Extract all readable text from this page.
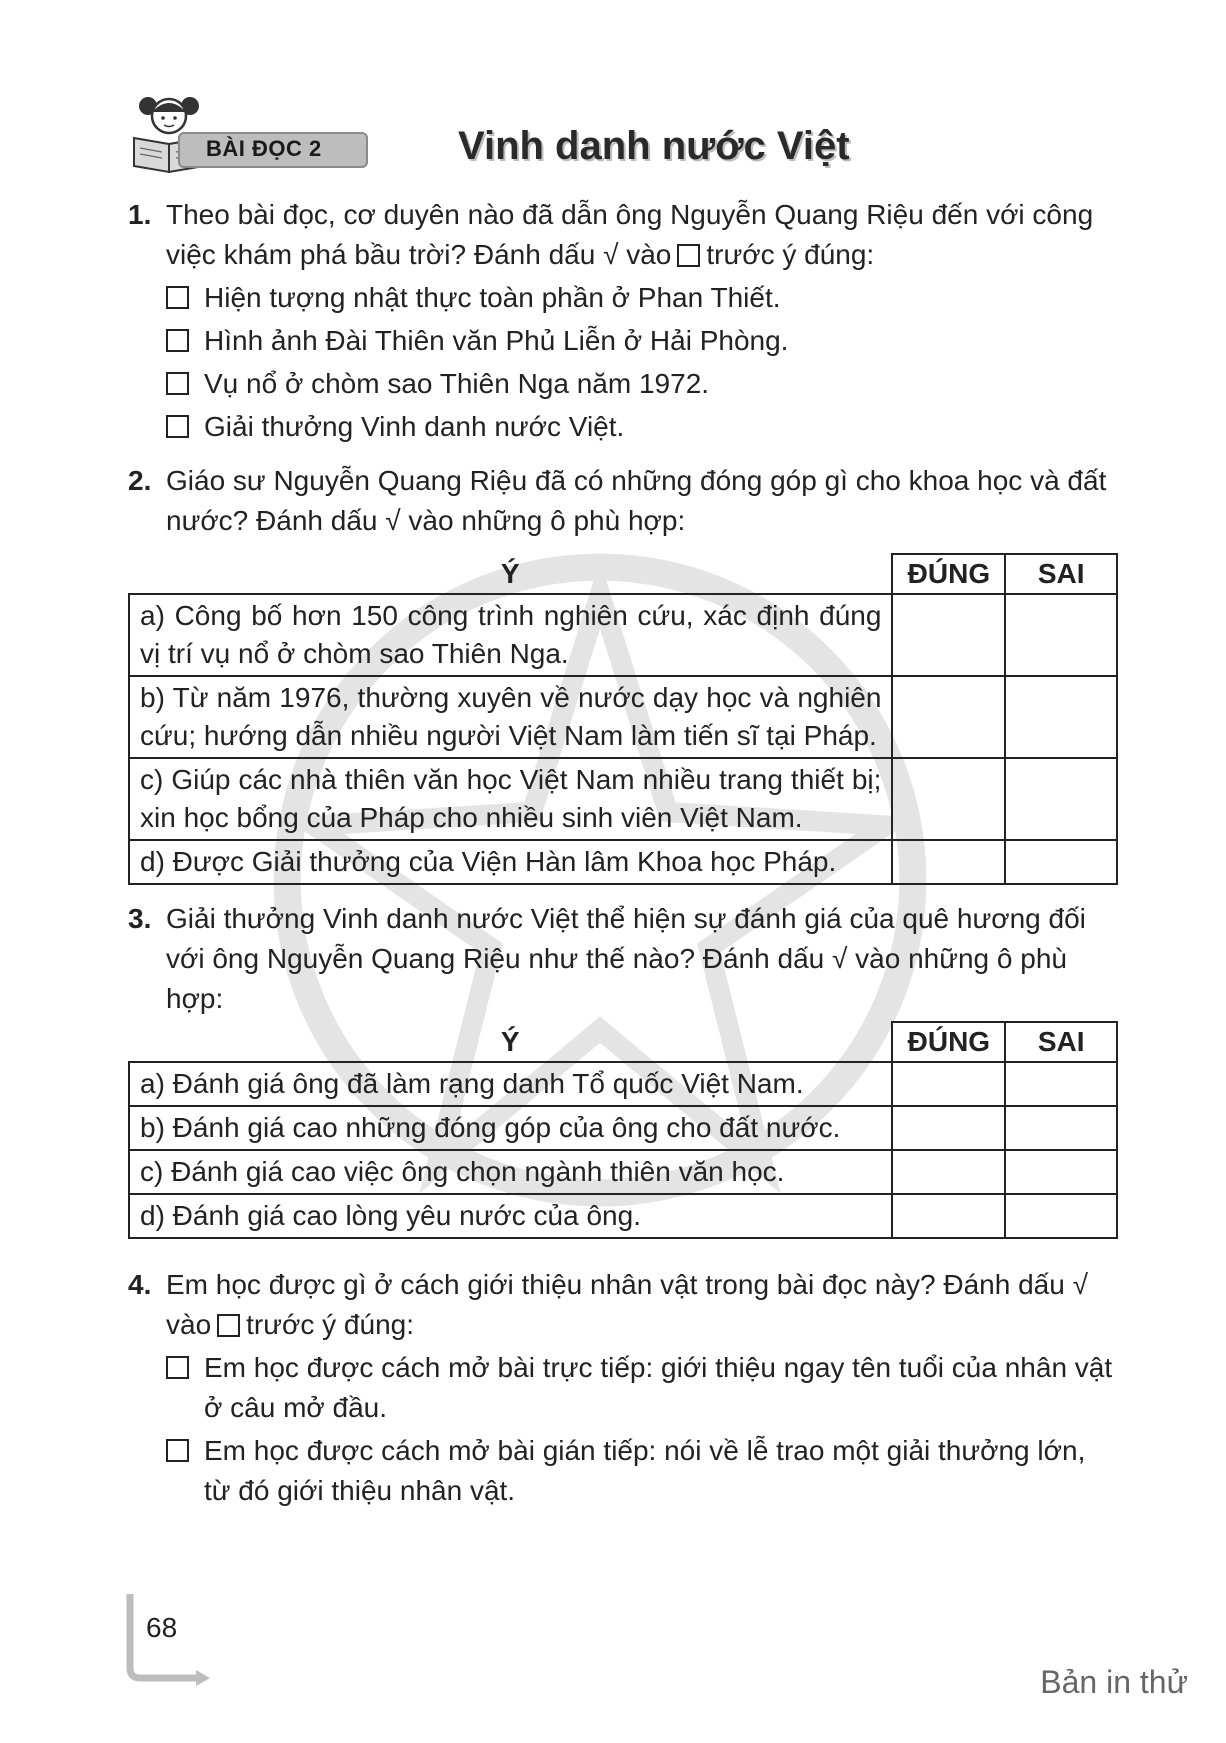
BÀI ĐỌC 2	Vinh danh nước Việt
1. Theo bài đọc, cơ duyên nào đã dẫn ông Nguyễn Quang Riệu đến với công việc khám phá bầu trời? Đánh dấu √ vào trước ý đúng:

Hiện tượng nhật thực toàn phần ở Phan Thiết.
Hình ảnh Đài Thiên văn Phủ Liễn ở Hải Phòng.
Vụ nổ ở chòm sao Thiên Nga năm 1972.
Giải thưởng Vinh danh nước Việt.
2. Giáo sư Nguyễn Quang Riệu đã có những đóng góp gì cho khoa học và đất nước? Đánh dấu √ vào những ô phù hợp:

Ý	ĐÚNG	SAI
a) Công bố hơn 150 công trình nghiên cứu, xác định đúng vị trí vụ nổ ở chòm sao Thiên Nga.		
b) Từ năm 1976, thường xuyên về nước dạy học và nghiên cứu; hướng dẫn nhiều người Việt Nam làm tiến sĩ tại Pháp.		
c) Giúp các nhà thiên văn học Việt Nam nhiều trang thiết bị; xin học bổng của Pháp cho nhiều sinh viên Việt Nam.		
d) Được Giải thưởng của Viện Hàn lâm Khoa học Pháp.		
3. Giải thưởng Vinh danh nước Việt thể hiện sự đánh giá của quê hương đối với ông Nguyễn Quang Riệu như thế nào? Đánh dấu √ vào những ô phù hợp:

Ý	ĐÚNG	SAI
a) Đánh giá ông đã làm rạng danh Tổ quốc Việt Nam.		
b) Đánh giá cao những đóng góp của ông cho đất nước.		
c) Đánh giá cao việc ông chọn ngành thiên văn học.		
d) Đánh giá cao lòng yêu nước của ông.		
4. Em học được gì ở cách giới thiệu nhân vật trong bài đọc này? Đánh dấu √ vào trước ý đúng:

Em học được cách mở bài trực tiếp: giới thiệu ngay tên tuổi của nhân vật ở câu mở đầu.
Em học được cách mở bài gián tiếp: nói về lễ trao một giải thưởng lớn, từ đó giới thiệu nhân vật.
68
Bản in thử
